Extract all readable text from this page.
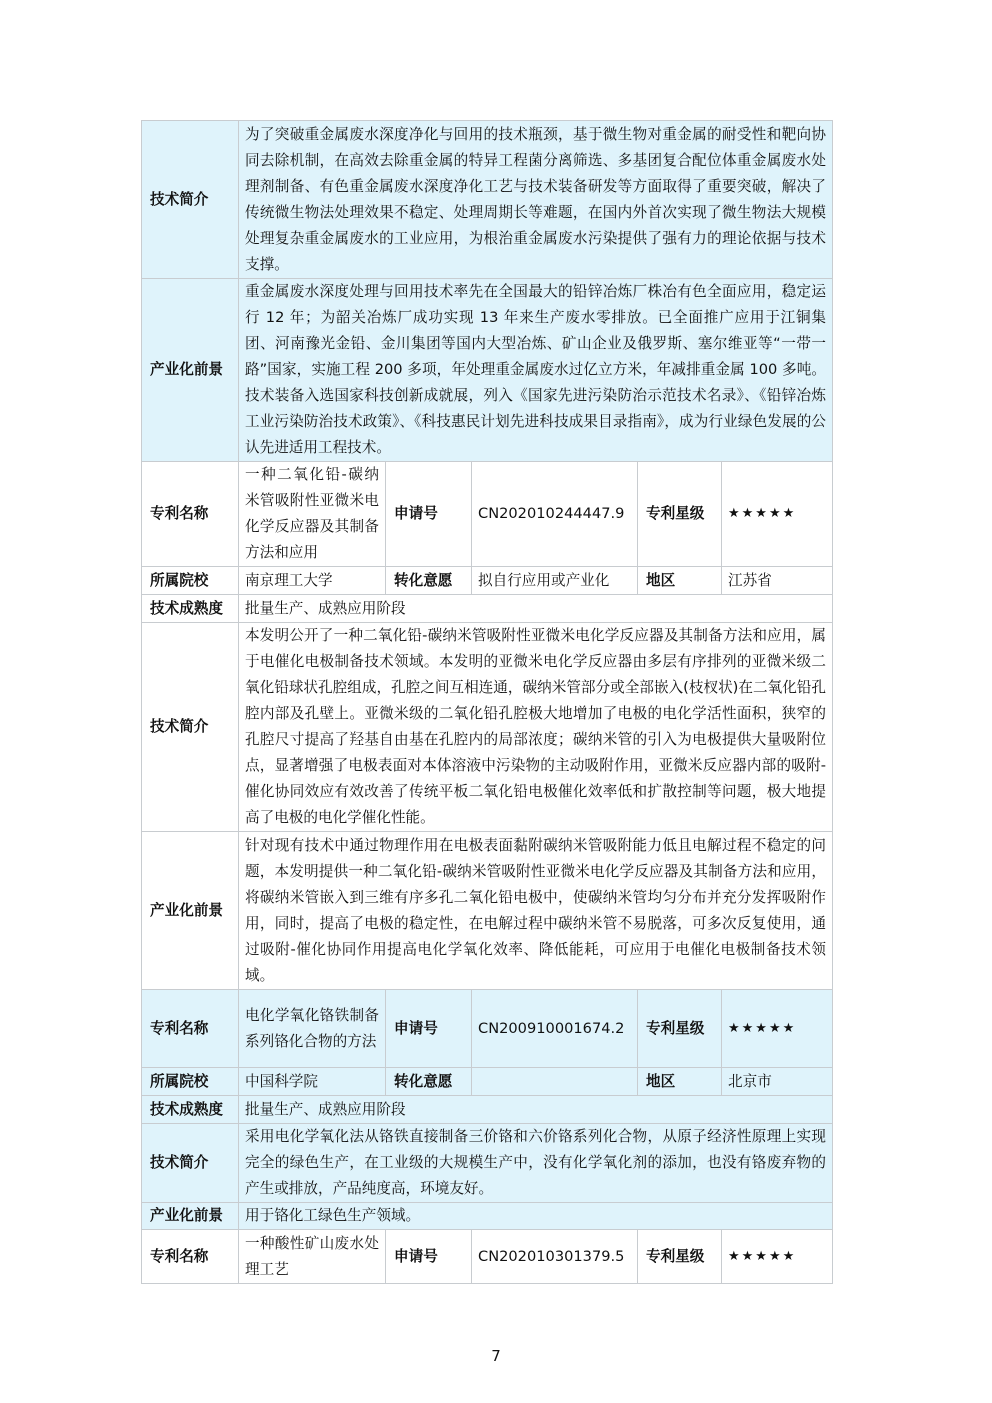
技术简介	为了突破重金属废水深度净化与回用的技术瓶颈，基于微生物对重金属的耐受性和靶向协同去除机制，在高效去除重金属的特异工程菌分离筛选、多基团复合配位体重金属废水处理剂制备、有色重金属废水深度净化工艺与技术装备研发等方面取得了重要突破，解决了传统微生物法处理效果不稳定、处理周期长等难题，在国内外首次实现了微生物法大规模处理复杂重金属废水的工业应用，为根治重金属废水污染提供了强有力的理论依据与技术支撑。				
产业化前景	重金属废水深度处理与回用技术率先在全国最大的铅锌冶炼厂株冶有色全面应用，稳定运行 12 年；为韶关冶炼厂成功实现 13 年来生产废水零排放。已全面推广应用于江铜集团、河南豫光金铅、金川集团等国内大型冶炼、矿山企业及俄罗斯、塞尔维亚等“一带一路”国家，实施工程 200 多项，年处理重金属废水过亿立方米，年减排重金属 100 多吨。技术装备入选国家科技创新成就展，列入《国家先进污染防治示范技术名录》、《铅锌冶炼工业污染防治技术政策》、《科技惠民计划先进科技成果目录指南》，成为行业绿色发展的公认先进适用工程技术。				
专利名称	一种二氧化铅-碳纳米管吸附性亚微米电化学反应器及其制备方法和应用	申请号	CN202010244447.9	专利星级	★★★★★
所属院校	南京理工大学	转化意愿	拟自行应用或产业化	地区	江苏省
技术成熟度	批量生产、成熟应用阶段				
技术简介	本发明公开了一种二氧化铅-碳纳米管吸附性亚微米电化学反应器及其制备方法和应用，属于电催化电极制备技术领域。本发明的亚微米电化学反应器由多层有序排列的亚微米级二氧化铅球状孔腔组成，孔腔之间互相连通，碳纳米管部分或全部嵌入(枝杈状)在二氧化铅孔腔内部及孔壁上。亚微米级的二氧化铅孔腔极大地增加了电极的电化学活性面积，狭窄的孔腔尺寸提高了羟基自由基在孔腔内的局部浓度；碳纳米管的引入为电极提供大量吸附位点，显著增强了电极表面对本体溶液中污染物的主动吸附作用，亚微米反应器内部的吸附-催化协同效应有效改善了传统平板二氧化铅电极催化效率低和扩散控制等问题，极大地提高了电极的电化学催化性能。				
产业化前景	针对现有技术中通过物理作用在电极表面黏附碳纳米管吸附能力低且电解过程不稳定的问题，本发明提供一种二氧化铅-碳纳米管吸附性亚微米电化学反应器及其制备方法和应用，将碳纳米管嵌入到三维有序多孔二氧化铅电极中，使碳纳米管均匀分布并充分发挥吸附作用，同时，提高了电极的稳定性，在电解过程中碳纳米管不易脱落，可多次反复使用，通过吸附-催化协同作用提高电化学氧化效率、降低能耗，可应用于电催化电极制备技术领域。				
专利名称	电化学氧化铬铁制备系列铬化合物的方法	申请号	CN200910001674.2	专利星级	★★★★★
所属院校	中国科学院	转化意愿		地区	北京市
技术成熟度	批量生产、成熟应用阶段				
技术简介	采用电化学氧化法从铬铁直接制备三价铬和六价铬系列化合物，从原子经济性原理上实现完全的绿色生产，在工业级的大规模生产中，没有化学氧化剂的添加，也没有铬废弃物的产生或排放，产品纯度高，环境友好。				
产业化前景	用于铬化工绿色生产领域。				
专利名称	一种酸性矿山废水处理工艺	申请号	CN202010301379.5	专利星级	★★★★★
7
